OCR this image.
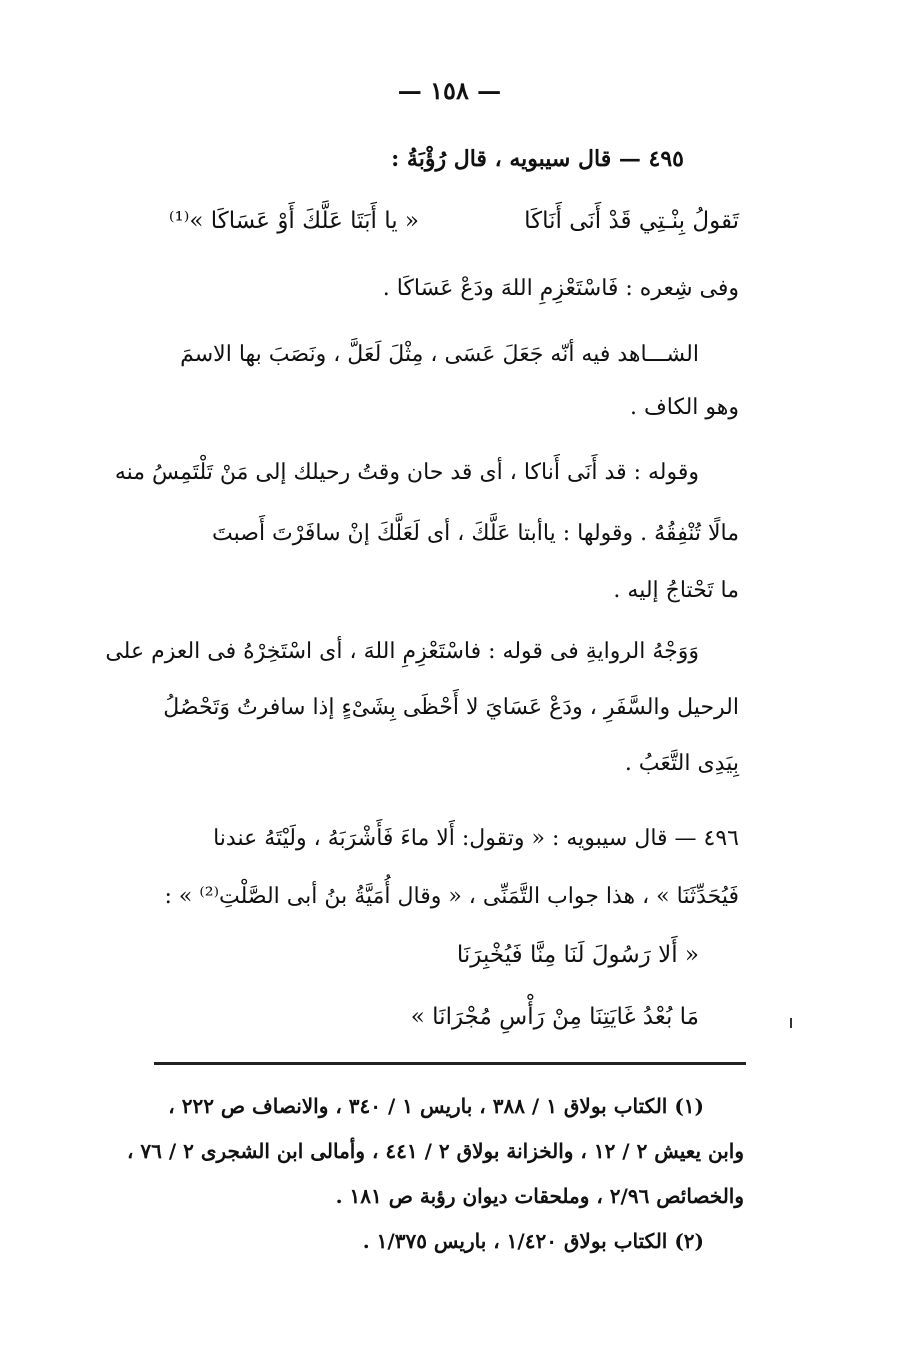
— ١٥٨ —
٤٩٥ — قال سيبويه ، قال رُؤْبَةُ :
تَقولُ بِنْـتِي قَدْ أَنَى أَنَاكَا
« يا أَبَتَا عَلَّكَ أَوْ عَسَاكَا »⁽¹⁾
وفى شِعره : فَاسْتَعْزِمِ اللهَ ودَعْ عَسَاكَا .
الشـــاهد فيه أنّه جَعَلَ عَسَى ، مِثْلَ لَعَلَّ ، ونَصَبَ بها الاسمَ
وهو الكاف .
وقوله : قد أَنَى أَناكا ، أى قد حان وقتُ رحيلك إلى مَنْ تَلْتَمِسُ منه
مالًا تُنْفِقُهُ . وقولها : ياأبتا عَلَّكَ ، أى لَعَلَّكَ إنْ سافَرْتَ أَصبتَ
ما تَحْتاجُ إليه .
وَوَجْهُ الروايةِ فى قوله : فاسْتَعْزِمِ اللهَ ، أى اسْتَخِرْهُ فى العزم على
الرحيل والسَّفَرِ ، ودَعْ عَسَايَ لا أَحْظَى بِشَىْءٍ إذا سافرتُ وَتَحْصُلُ
بِيَدِى التَّعَبُ .
٤٩٦ — قال سيبويه : « وتقول: أَلا ماءَ فَأَشْرَبَهُ ، ولَيْتَهُ عندنا
فَيُحَدِّثَنَا » ، هذا جواب التَّمَنِّى ، « وقال أُمَيَّةُ بنُ أبى الصَّلْتِ⁽²⁾ » :
« أَلا رَسُولَ لَنَا مِنَّا فَيُخْبِرَنَا
مَا بُعْدُ غَايَتِنَا مِنْ رَأْسِ مُجْرَانَا »
(١) الكتاب بولاق ١ / ٣٨٨ ، باريس ١ / ٣٤٠ ، والانصاف ص ٢٢٢ ،
وابن يعيش ٢ / ١٢ ، والخزانة بولاق ٢ / ٤٤١ ، وأمالى ابن الشجرى ٢ / ٧٦ ،
والخصائص ٢/٩٦ ، وملحقات ديوان رؤبة ص ١٨١ .
(٢) الكتاب بولاق ١/٤٢٠ ، باريس ١/٣٧٥ .
